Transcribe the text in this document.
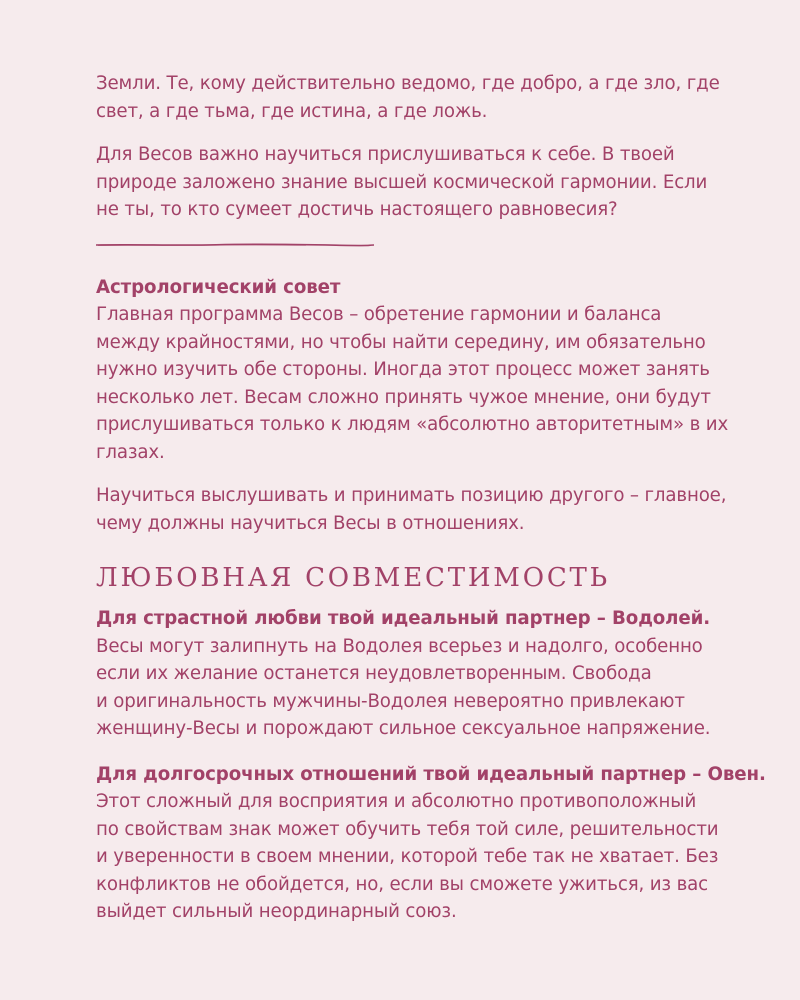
Земли. Те, кому действительно ведомо, где добро, а где зло, где
свет, а где тьма, где истина, а где ложь.

Для Весов важно научиться прислушиваться к себе. В твоей
природе заложено знание высшей космической гармонии. Если
не ты, то кто сумеет достичь настоящего равновесия?

Астрологический совет

Главная программа Весов – обретение гармонии и баланса
между крайностями, но чтобы найти середину, им обязательно
нужно изучить обе стороны. Иногда этот процесс может занять
несколько лет. Весам сложно принять чужое мнение, они будут
прислушиваться только к людям «абсолютно авторитетным» в их
глазах.

Научиться выслушивать и принимать позицию другого – главное,
чему должны научиться Весы в отношениях.

ЛЮБОВНАЯ СОВМЕСТИМОСТЬ
Для страстной любви твой идеальный партнер – Водолей.
Весы могут залипнуть на Водолея всерьез и надолго, особенно
если их желание останется неудовлетворенным. Свобода
и оригинальность мужчины-Водолея невероятно привлекают
женщину-Весы и порождают сильное сексуальное напряжение.
Для долгосрочных отношений твой идеальный партнер – Овен.
Этот сложный для восприятия и абсолютно противоположный
по свойствам знак может обучить тебя той силе, решительности
и уверенности в своем мнении, которой тебе так не хватает. Без
конфликтов не обойдется, но, если вы сможете ужиться, из вас
выйдет сильный неординарный союз.
